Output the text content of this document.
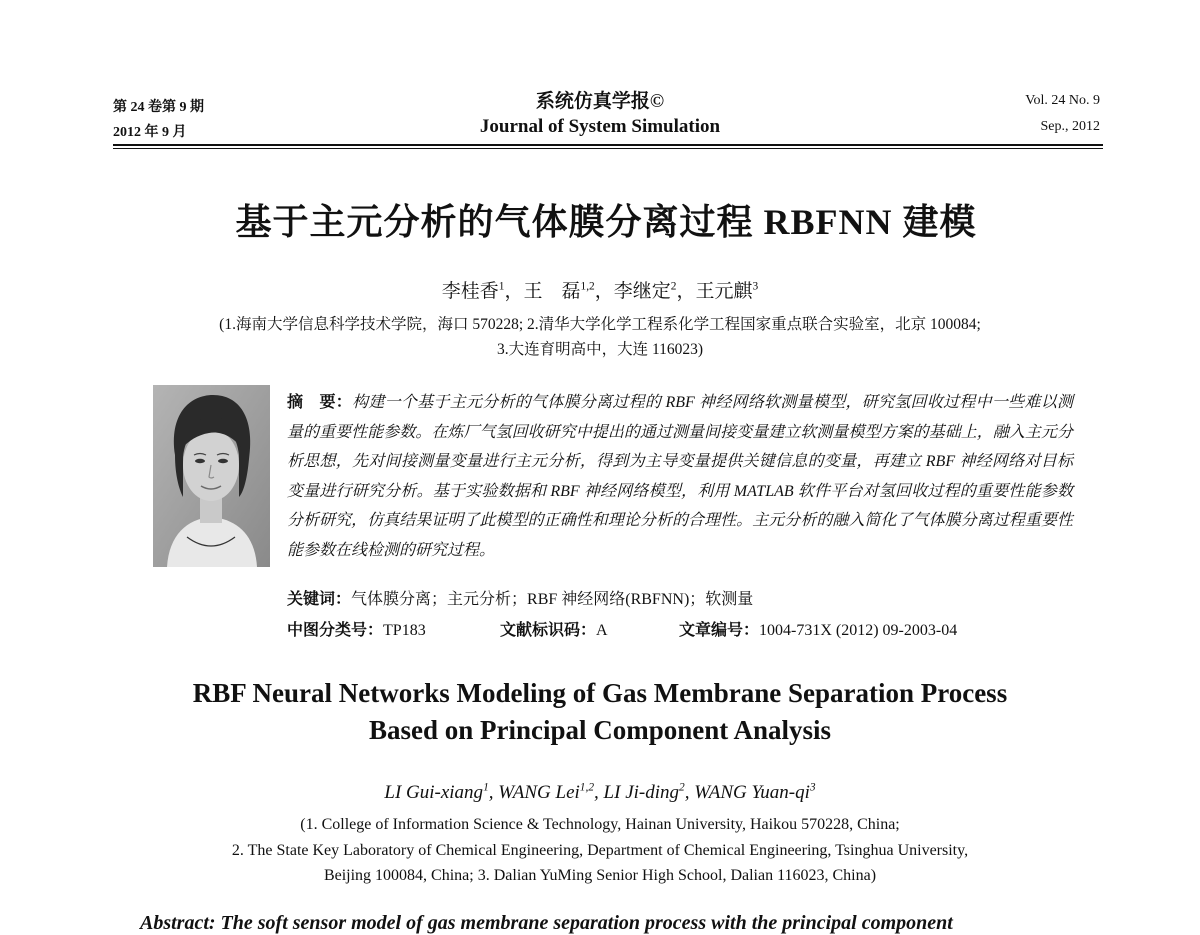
第 24 卷第 9 期
2012 年 9 月
系统仿真学报©
Journal of System Simulation
Vol. 24 No. 9
Sep., 2012
基于主元分析的气体膜分离过程 RBFNN 建模
李桂香$^1$，王　磊$^{1,2}$，李继定$^2$，王元麒$^3$
(1.海南大学信息科学技术学院，海口 570228; 2.清华大学化学工程系化学工程国家重点联合实验室，北京 100084;
3.大连育明高中，大连 116023)
摘　要：构建一个基于主元分析的气体膜分离过程的 RBF 神经网络软测量模型，研究氢回收过程中一些难以测量的重要性能参数。在炼厂气氢回收研究中提出的通过测量间接变量建立软测量模型方案的基础上，融入主元分析思想，先对间接测量变量进行主元分析，得到为主导变量提供关键信息的变量，再建立 RBF 神经网络对目标变量进行研究分析。基于实验数据和 RBF 神经网络模型，利用 MATLAB 软件平台对氢回收过程的重要性能参数分析研究，仿真结果证明了此模型的正确性和理论分析的合理性。主元分析的融入简化了气体膜分离过程重要性能参数在线检测的研究过程。
关键词：气体膜分离；主元分析；RBF 神经网络(RBFNN)；软测量
中图分类号：TP183	文献标识码：A	文章编号：1004-731X (2012) 09-2003-04
RBF Neural Networks Modeling of Gas Membrane Separation Process
Based on Principal Component Analysis
LI Gui-xiang$^1$, WANG Lei$^{1,2}$, LI Ji-ding$^2$, WANG Yuan-$qi^3$
(1. College of Information Science & Technology, Hainan University, Haikou 570228, China;
2. The State Key Laboratory of Chemical Engineering, Department of Chemical Engineering, Tsinghua University,
Beijing 100084, China; 3. Dalian YuMing Senior High School, Dalian 116023, China)
Abstract: The soft sensor model of gas membrane separation process with the principal component
